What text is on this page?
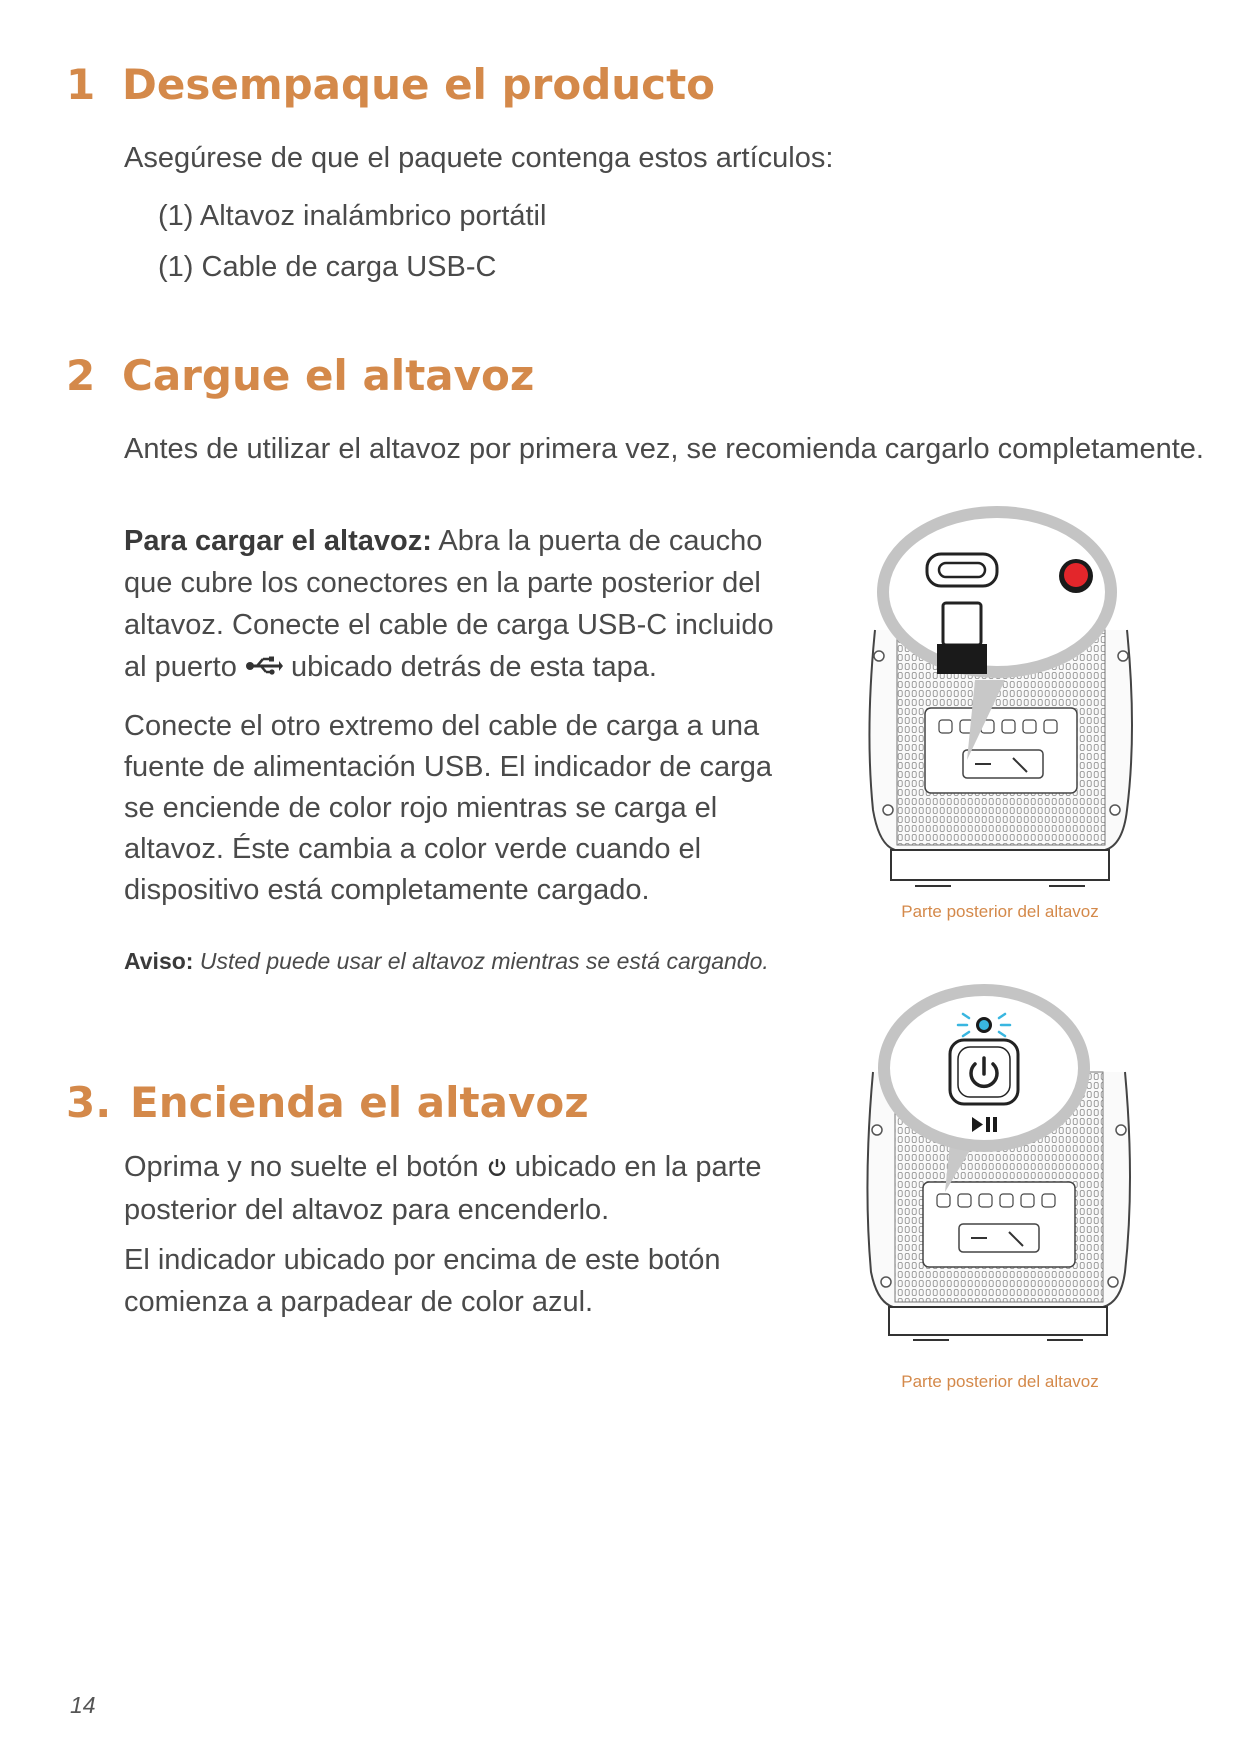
1 Desempaque el producto

Asegúrese de que el paquete contenga estos artículos:

(1) Altavoz inalámbrico portátil
(1) Cable de carga USB-C
2 Cargue el altavoz

Antes de utilizar el altavoz por primera vez, se recomienda cargarlo completamente.

Para cargar el altavoz: Abra la puerta de caucho que cubre los conectores en la parte posterior del altavoz. Conecte el cable de carga USB-C incluido al puerto  ubicado detrás de esta tapa.

Conecte el otro extremo del cable de carga a una fuente de alimentación USB. El indicador de carga se enciende de color rojo mientras se carga el altavoz. Éste cambia a color verde cuando el dispositivo está completamente cargado.

Aviso: Usted puede usar el altavoz mientras se está cargando.

Parte posterior del altavoz
3. Encienda el altavoz

Oprima y no suelte el botón  ubicado en la parte posterior del altavoz para encenderlo.

El indicador ubicado por encima de este botón comienza a parpadear de color azul.

Parte posterior del altavoz
14
